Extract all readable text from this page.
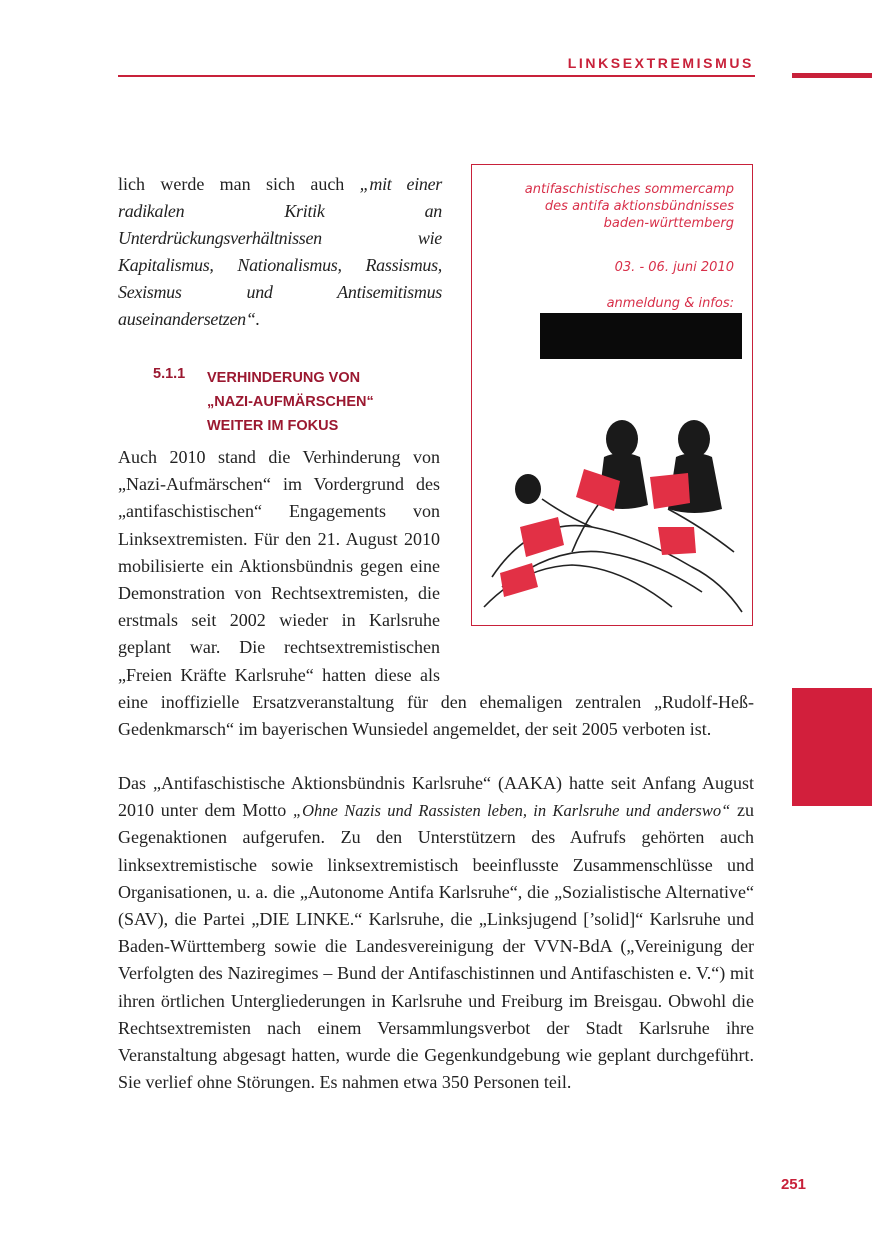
LINKSEXTREMISMUS

lich werde man sich auch „mit einer radikalen Kritik an Unterdrückungsverhältnissen wie Kapitalismus, Nationalismus, Rassismus, Sexismus und Antisemitismus auseinandersetzen“.

5.1.1 VERHINDERUNG VON
„NAZI-AUFMÄRSCHEN“
WEITER IM FOKUS
Auch 2010 stand die Verhinderung von „Nazi-Aufmärschen“ im Vordergrund des „antifaschistischen“ Engagements von Linksextremisten. Für den 21. August 2010 mobilisierte ein Aktionsbündnis gegen eine Demonstration von Rechtsextremisten, die erstmals seit 2002 wieder in Karlsruhe geplant war. Die rechtsextremistischen „Freien Kräfte Karlsruhe“ hatten diese als eine inoffizielle Ersatzveranstaltung für den ehemaligen zentralen „Rudolf-Heß-Gedenkmarsch“ im bayerischen Wunsiedel angemeldet, der seit 2005 verboten ist.

Das „Antifaschistische Aktionsbündnis Karlsruhe“ (AAKA) hatte seit Anfang August 2010 unter dem Motto „Ohne Nazis und Rassisten leben, in Karlsruhe und anderswo“ zu Gegenaktionen aufgerufen. Zu den Unterstützern des Aufrufs gehörten auch linksextremistische sowie linksextremistisch beeinflusste Zusammenschlüsse und Organisationen, u. a. die „Autonome Antifa Karlsruhe“, die „Sozialistische Alternative“ (SAV), die Partei „DIE LINKE.“ Karlsruhe, die „Linksjugend [’solid]“ Karlsruhe und Baden-Württemberg sowie die Landesvereinigung der VVN-BdA („Vereinigung der Verfolgten des Naziregimes – Bund der Antifaschistinnen und Antifaschisten e. V.“) mit ihren örtlichen Untergliederungen in Karlsruhe und Freiburg im Breisgau. Obwohl die Rechtsextremisten nach einem Versammlungsverbot der Stadt Karlsruhe ihre Veranstaltung abgesagt hatten, wurde die Gegenkundgebung wie geplant durchgeführt. Sie verlief ohne Störungen. Es nahmen etwa 350 Personen teil.

antifaschistisches sommercamp
des antifa aktionsbündnisses
baden-württemberg

03. - 06. juni 2010

anmeldung & infos:

251
